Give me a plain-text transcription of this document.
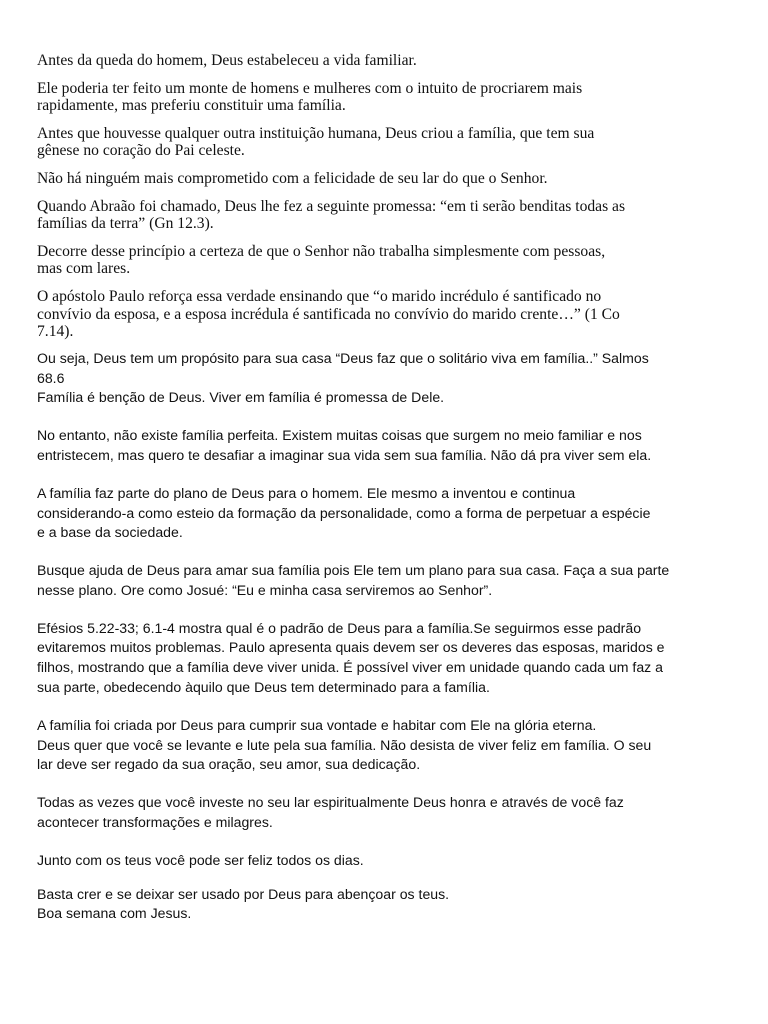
Antes da queda do homem, Deus estabeleceu a vida familiar.
Ele poderia ter feito um monte de homens e mulheres com o intuito de procriarem mais
rapidamente, mas preferiu constituir uma família.
Antes que houvesse qualquer outra instituição humana, Deus criou a família, que tem sua
gênese no coração do Pai celeste.
Não há ninguém mais comprometido com a felicidade de seu lar do que o Senhor.
Quando Abraão foi chamado, Deus lhe fez a seguinte promessa: “em ti serão benditas todas as
famílias da terra” (Gn 12.3).
Decorre desse princípio a certeza de que o Senhor não trabalha simplesmente com pessoas,
mas com lares.
O apóstolo Paulo reforça essa verdade ensinando que “o marido incrédulo é santificado no
convívio da esposa, e a esposa incrédula é santificada no convívio do marido crente…” (1 Co
7.14).
Ou seja, Deus tem um propósito para sua casa “Deus faz que o solitário viva em família..” Salmos
68.6
Família é benção de Deus. Viver em família é promessa de Dele.
No entanto, não existe família perfeita. Existem muitas coisas que surgem no meio familiar e nos
entristecem, mas quero te desafiar a imaginar sua vida sem sua família. Não dá pra viver sem ela.
A família faz parte do plano de Deus para o homem. Ele mesmo a inventou e continua
considerando-a como esteio da formação da personalidade, como a forma de perpetuar a espécie
e a base da sociedade.
Busque ajuda de Deus para amar sua família pois Ele tem um plano para sua casa. Faça a sua parte
nesse plano. Ore como Josué: “Eu e minha casa serviremos ao Senhor”.
Efésios 5.22-33; 6.1-4 mostra qual é o padrão de Deus para a família.Se seguirmos esse padrão
evitaremos muitos problemas. Paulo apresenta quais devem ser os deveres das esposas, maridos e
filhos, mostrando que a família deve viver unida. É possível viver em unidade quando cada um faz a
sua parte, obedecendo àquilo que Deus tem determinado para a família.
A família foi criada por Deus para cumprir sua vontade e habitar com Ele na glória eterna.
Deus quer que você se levante e lute pela sua família. Não desista de viver feliz em família. O seu
lar deve ser regado da sua oração, seu amor, sua dedicação.
Todas as vezes que você investe no seu lar espiritualmente Deus honra e através de você faz
acontecer transformações e milagres.
Junto com os teus você pode ser feliz todos os dias.
Basta crer e se deixar ser usado por Deus para abençoar os teus.
Boa semana com Jesus.
